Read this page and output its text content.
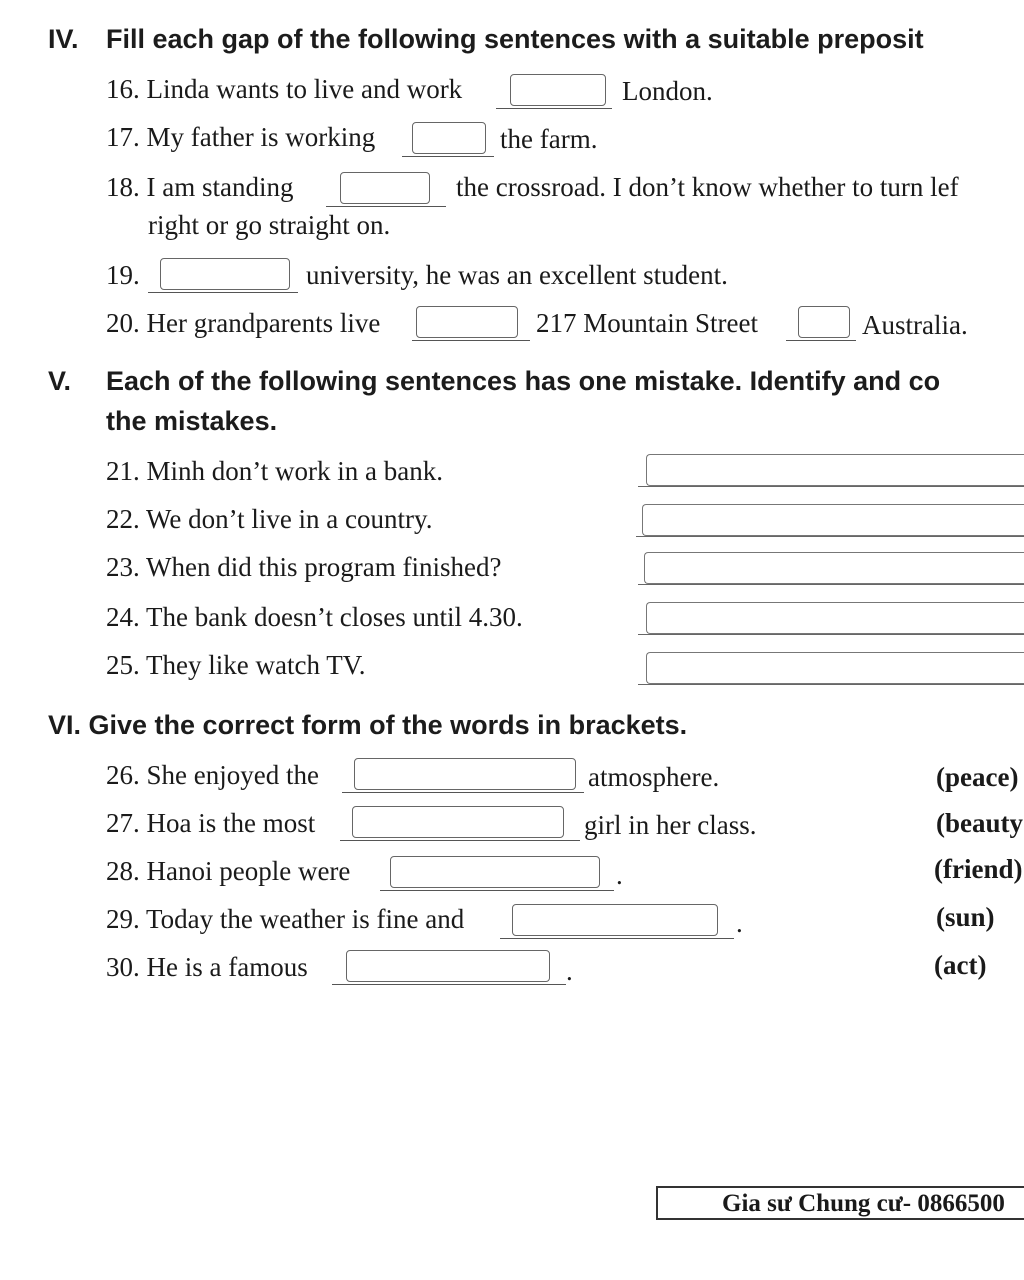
IV. Fill each gap of the following sentences with a suitable preposit
16. Linda wants to live and work	London.
17. My father is working	the farm.
18. I am standing	the crossroad. I don’t know whether to turn lef
right or go straight on.
19.	university, he was an excellent student.
20. Her grandparents live	217 Mountain Street	Australia.
V. Each of the following sentences has one mistake. Identify and co
the mistakes.
21. Minh don’t work in a bank.
22. We don’t live in a country.
23. When did this program finished?
24. The bank doesn’t closes until 4.30.
25. They like watch TV.
VI. Give the correct form of the words in brackets.
26. She enjoyed the	atmosphere.	(peace)
27. Hoa is the most	girl in her class.	(beauty
28. Hanoi people were	.	(friend)
29. Today the weather is fine and	.	(sun)
30. He is a famous	.	(act)
Gia sư Chung cư- 0866500
